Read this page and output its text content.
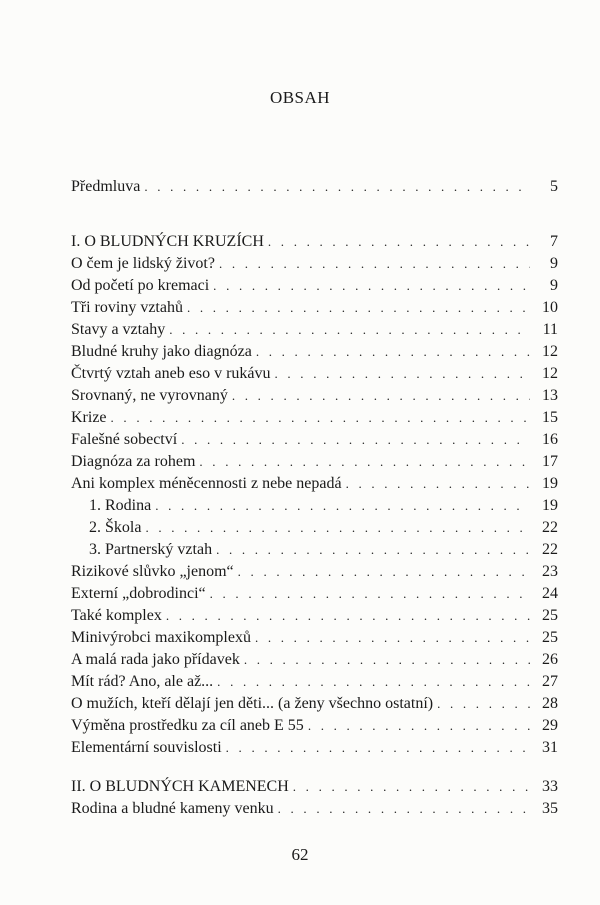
OBSAH
Předmluva . . .	5
I. O BLUDNÝCH KRUZÍCH . . .	7
O čem je lidský život? . . .	9
Od početí po kremaci . . .	9
Tři roviny vztahů . . .	10
Stavy a vztahy . . .	11
Bludné kruhy jako diagnóza . . .	12
Čtvrtý vztah aneb eso v rukávu . . .	12
Srovnaný, ne vyrovnaný . . .	13
Krize . . .	15
Falešné sobectví . . .	16
Diagnóza za rohem . . .	17
Ani komplex méněcennosti z nebe nepadá . . .	19
1. Rodina . . .	19
2. Škola . . .	22
3. Partnerský vztah . . .	22
Rizikové slůvko „jenom“ . . .	23
Externí „dobrodinci“ . . .	24
Také komplex . . .	25
Minivýrobci maxikomplexů . . .	25
A malá rada jako přídavek . . .	26
Mít rád? Ano, ale až... . . .	27
O mužích, kteří dělají jen děti... (a ženy všechno ostatní) . . .	28
Výměna prostředku za cíl aneb E 55 . . .	29
Elementární souvislosti . . .	31
II. O BLUDNÝCH KAMENECH . . .	33
Rodina a bludné kameny venku . . .	35
62
